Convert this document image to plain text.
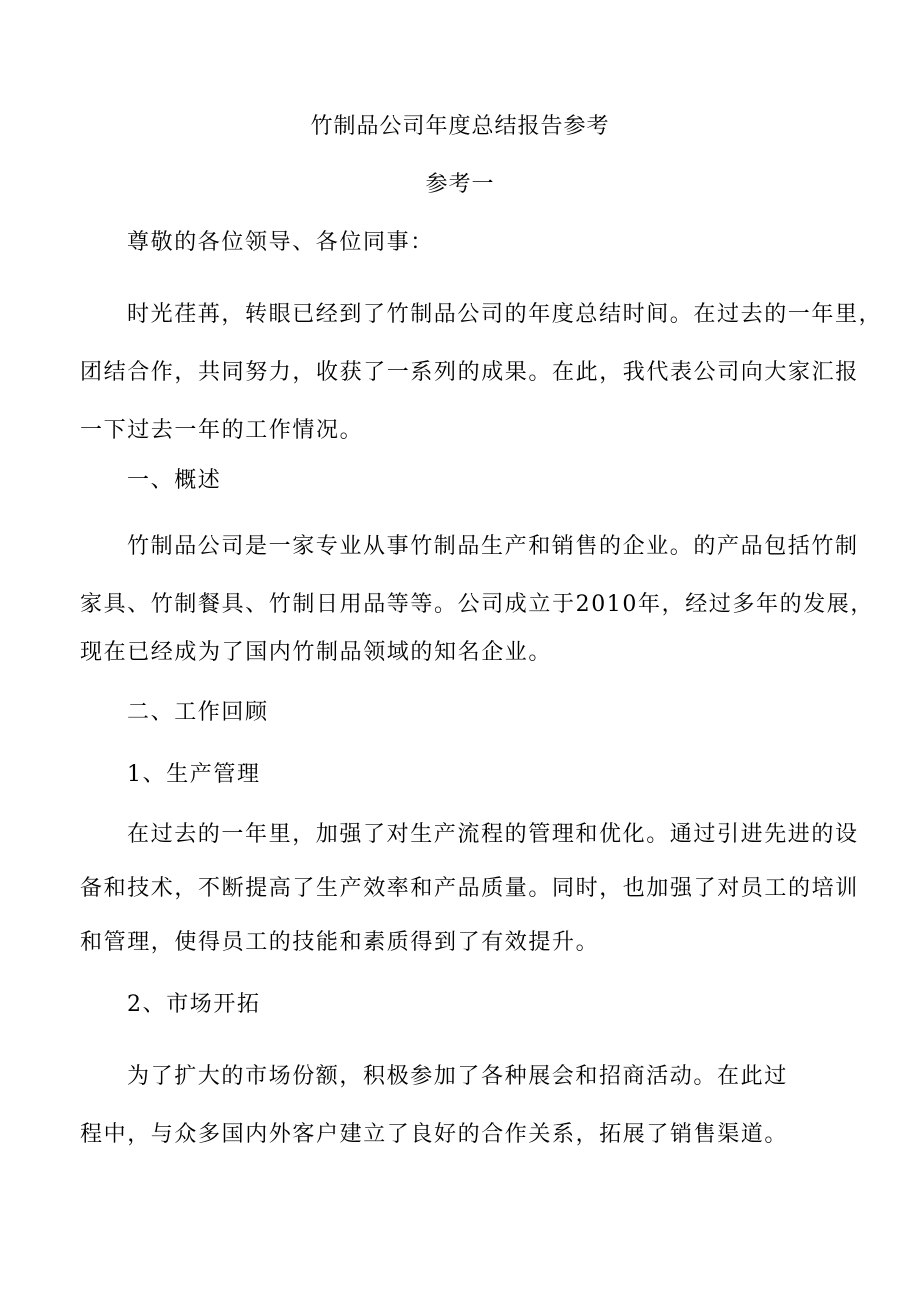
竹制品公司年度总结报告参考
参考一
尊敬的各位领导、各位同事：
时光荏苒，转眼已经到了竹制品公司的年度总结时间。在过去的一年里，
团结合作，共同努力，收获了一系列的成果。在此，我代表公司向大家汇报
一下过去一年的工作情况。
一、概述
竹制品公司是一家专业从事竹制品生产和销售的企业。的产品包括竹制
家具、竹制餐具、竹制日用品等等。公司成立于2010年，经过多年的发展，
现在已经成为了国内竹制品领域的知名企业。
二、工作回顾
1、生产管理
在过去的一年里，加强了对生产流程的管理和优化。通过引进先进的设
备和技术，不断提高了生产效率和产品质量。同时，也加强了对员工的培训
和管理，使得员工的技能和素质得到了有效提升。
2、市场开拓
为了扩大的市场份额，积极参加了各种展会和招商活动。在此过
程中，与众多国内外客户建立了良好的合作关系，拓展了销售渠道。
